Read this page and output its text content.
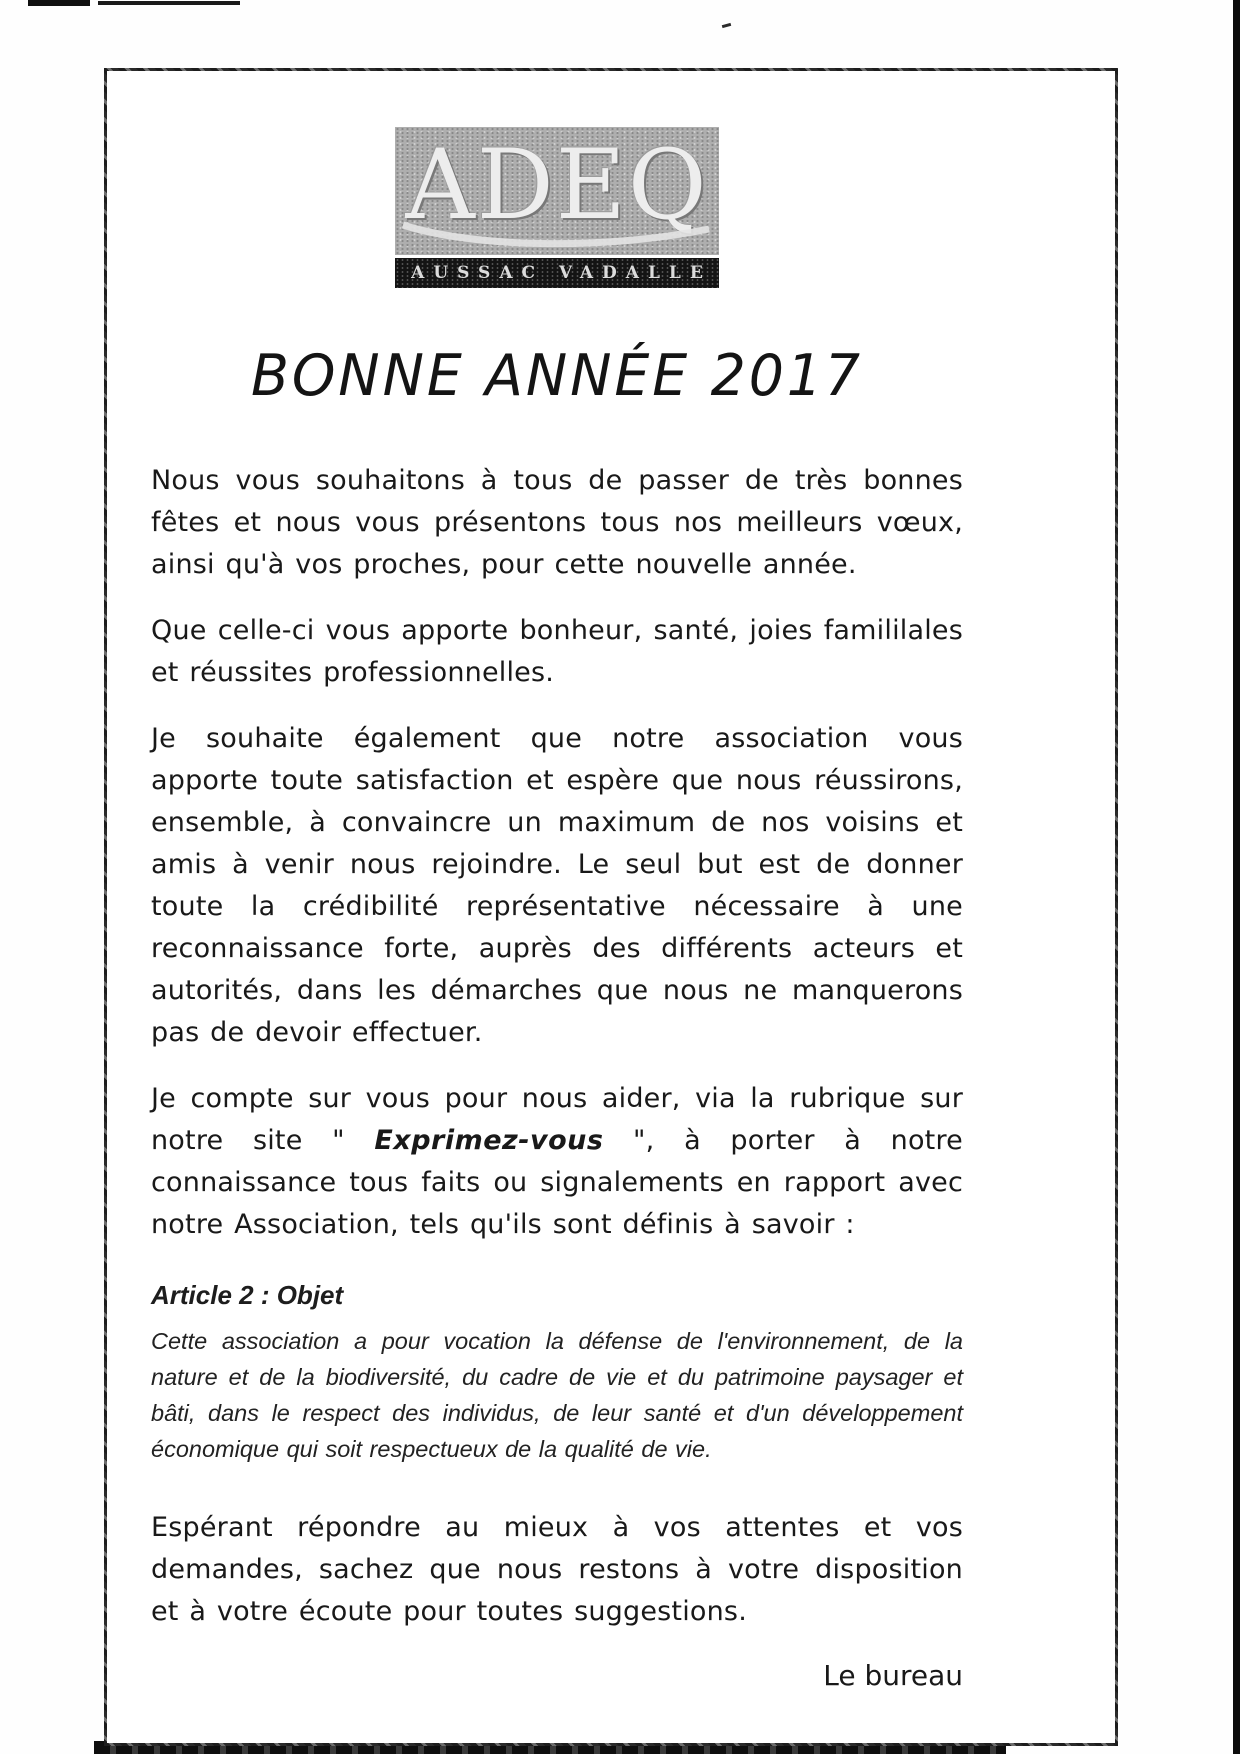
ADEQ
AUSSAC VADALLE
BONNE ANNÉE 2017

Nous vous souhaitons à tous de passer de très bonnes fêtes et nous vous présentons tous nos meilleurs vœux, ainsi qu'à vos proches, pour cette nouvelle année.

Que celle-ci vous apporte bonheur, santé, joies famililales et réussites professionnelles.

Je souhaite également que notre association vous apporte toute satisfaction et espère que nous réussirons, ensemble, à convaincre un maximum de nos voisins et amis à venir nous rejoindre. Le seul but est de donner toute la crédibilité représentative nécessaire à une reconnaissance forte, auprès des différents acteurs et autorités, dans les démarches que nous ne manquerons pas de devoir effectuer.

Je compte sur vous pour nous aider, via la rubrique sur notre site " Exprimez-vous ", à porter à notre connaissance tous faits ou signalements en rapport avec notre Association, tels qu'ils sont définis à savoir :

Article 2 : Objet

Cette association a pour vocation la défense de l'environnement, de la nature et de la biodiversité, du cadre de vie et du patrimoine paysager et bâti, dans le respect des individus, de leur santé et d'un développement économique qui soit respectueux de la qualité de vie.

Espérant répondre au mieux à vos attentes et vos demandes, sachez que nous restons à votre disposition et à votre écoute pour toutes suggestions.

Le bureau
